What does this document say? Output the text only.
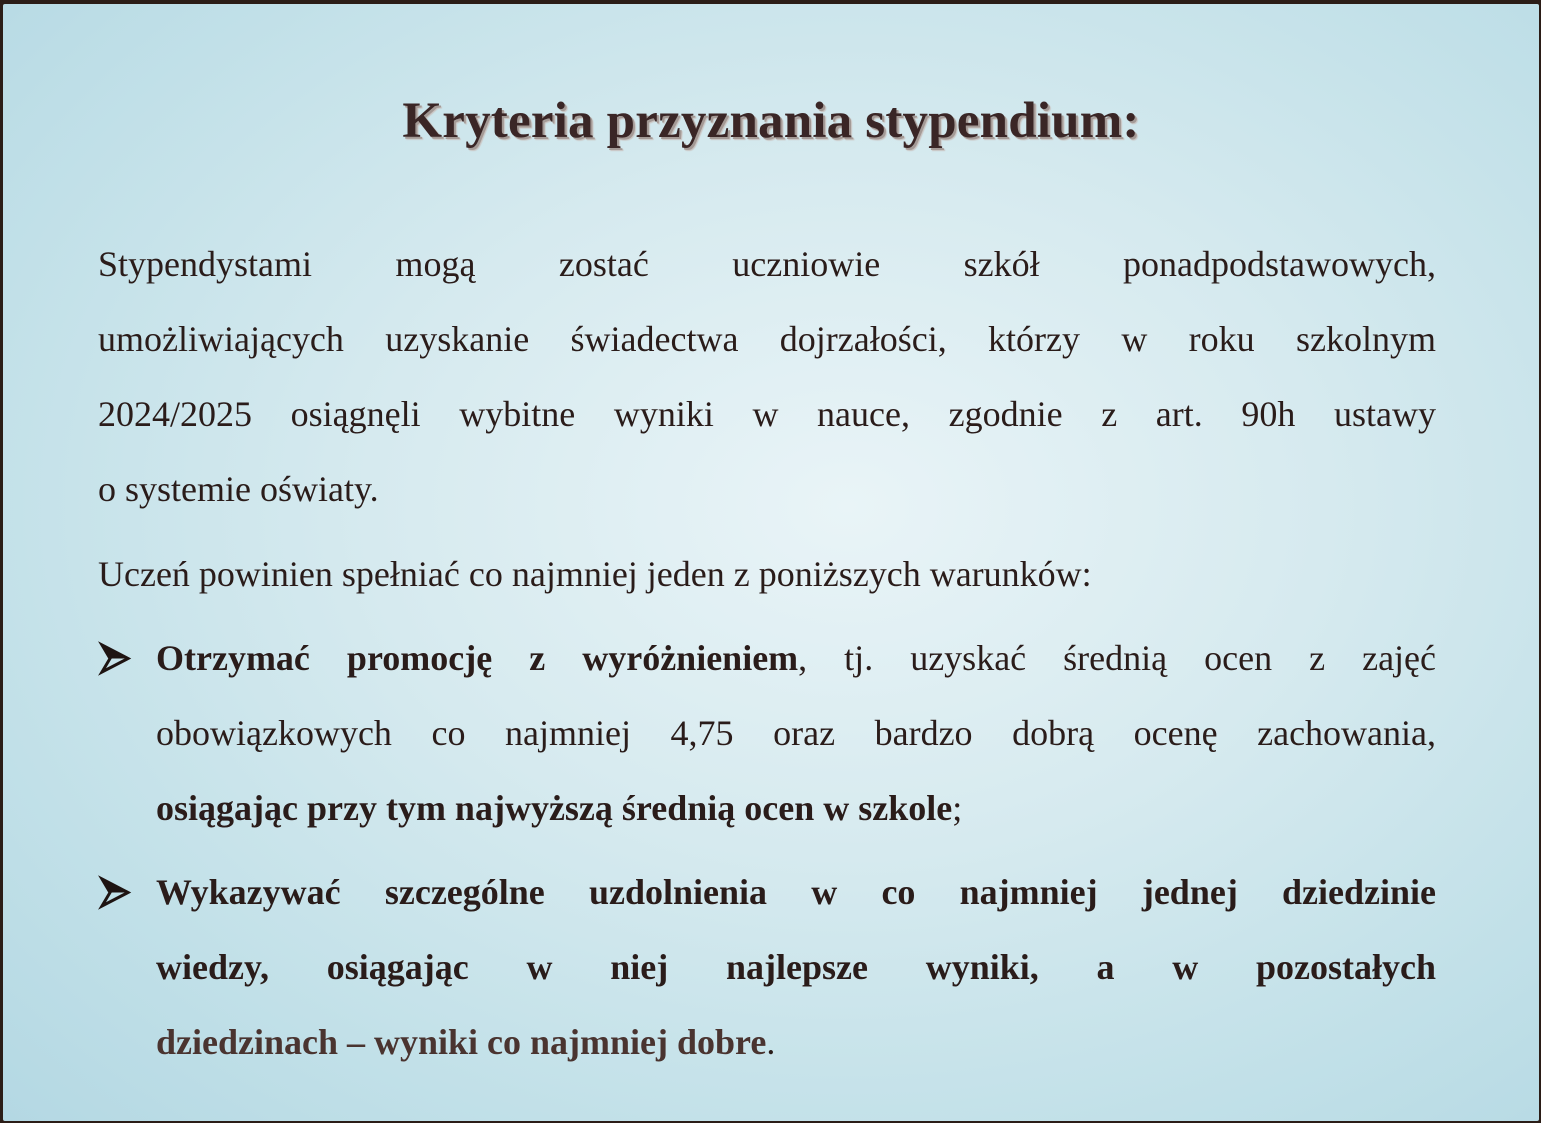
Kryteria przyznania stypendium:
Stypendystami mogą zostać uczniowie szkół ponadpodstawowych,
umożliwiających uzyskanie świadectwa dojrzałości, którzy w roku szkolnym
2024/2025 osiągnęli wybitne wyniki w nauce, zgodnie z art. 90h ustawy
o systemie oświaty.
Uczeń powinien spełniać co najmniej jeden z poniższych warunków:
Otrzymać promocję z wyróżnieniem, tj. uzyskać średnią ocen z zajęć
obowiązkowych co najmniej 4,75 oraz bardzo dobrą ocenę zachowania,
osiągając przy tym najwyższą średnią ocen w szkole;
Wykazywać szczególne uzdolnienia w co najmniej jednej dziedzinie
wiedzy, osiągając w niej najlepsze wyniki, a w pozostałych
dziedzinach – wyniki co najmniej dobre.
